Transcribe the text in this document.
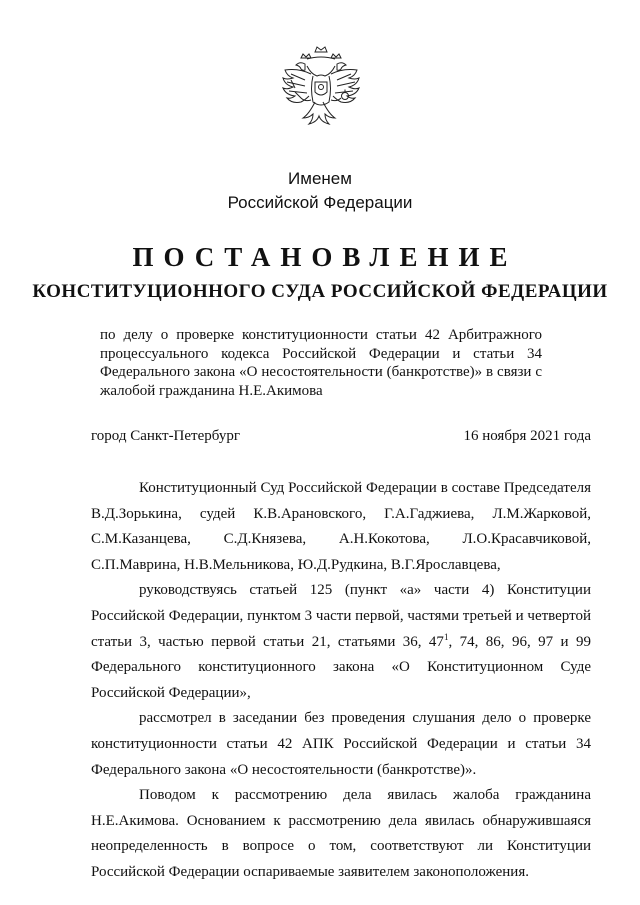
Именем
Российской Федерации
ПОСТАНОВЛЕНИЕ
КОНСТИТУЦИОННОГО СУДА РОССИЙСКОЙ ФЕДЕРАЦИИ
по делу о проверке конституционности статьи 42 Арбитражного процессуального кодекса Российской Федерации и статьи 34 Федерального закона «О несостоятельности (банкротстве)» в связи с жалобой гражданина Н.Е.Акимова
город Санкт-Петербург	16 ноября 2021 года

Конституционный Суд Российской Федерации в составе Председателя В.Д.Зорькина, судей К.В.Арановского, Г.А.Гаджиева, Л.М.Жарковой, С.М.Казанцева, С.Д.Князева, А.Н.Кокотова, Л.О.Красавчиковой, С.П.Маврина, Н.В.Мельникова, Ю.Д.Рудкина, В.Г.Ярославцева,

руководствуясь статьей 125 (пункт «а» части 4) Конституции Российской Федерации, пунктом 3 части первой, частями третьей и четвертой статьи 3, частью первой статьи 21, статьями 36, $47^1$, 74, 86, 96, 97 и 99 Федерального конституционного закона «О Конституционном Суде Российской Федерации»,

рассмотрел в заседании без проведения слушания дело о проверке конституционности статьи 42 АПК Российской Федерации и статьи 34 Федерального закона «О несостоятельности (банкротстве)».

Поводом к рассмотрению дела явилась жалоба гражданина Н.Е.Акимова. Основанием к рассмотрению дела явилась обнаружившаяся неопределенность в вопросе о том, соответствуют ли Конституции Российской Федерации оспариваемые заявителем законоположения.
